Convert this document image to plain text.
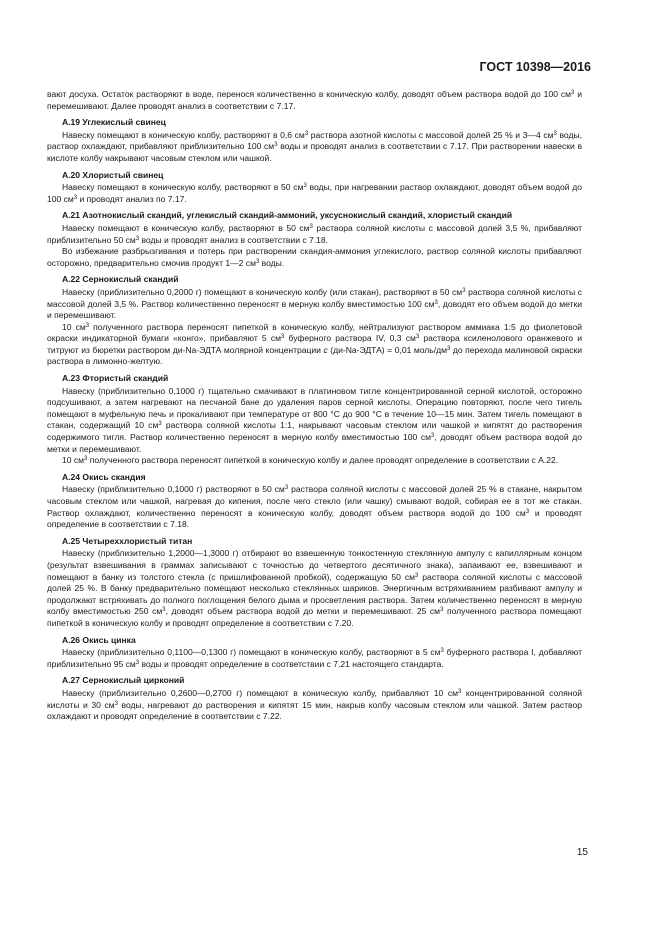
ГОСТ 10398—2016

вают досуха. Остаток растворяют в воде, перенося количественно в коническую колбу, доводят объем раствора водой до 100 $см^3$ и перемешивают. Далее проводят анализ в соответствии с 7.17.

А.19 Углекислый свинец

Навеску помещают в коническую колбу, растворяют в 0,6 $см^3$ раствора азотной кислоты с массовой долей 25 % и 3—4 $см^3$ воды, раствор охлаждают, прибавляют приблизительно 100 $см^3$ воды и проводят анализ в соответствии с 7.17. При растворении навески в кислоте колбу накрывают часовым стеклом или чашкой.

А.20 Хлористый свинец

Навеску помещают в коническую колбу, растворяют в 50 $см^3$ воды, при нагревании раствор охлаждают, доводят объем водой до 100 $см^3$ и проводят анализ по 7.17.

А.21 Азотнокислый скандий, углекислый скандий-аммоний, уксуснокислый скандий, хлористый скандий

Навеску помещают в коническую колбу, растворяют в 50 $см^3$ раствора соляной кислоты с массовой долей 3,5 %, прибавляют приблизительно 50 $см^3$ воды и проводят анализ в соответствии с 7.18.

Во избежание разбрызгивания и потерь при растворении скандия-аммония углекислого, раствор соляной кислоты прибавляют осторожно, предварительно смочив продукт 1—2 $см^3$ воды.

А.22 Сернокислый скандий

Навеску (приблизительно 0,2000 г) помещают в коническую колбу (или стакан), растворяют в 50 $см^3$ раствора соляной кислоты с массовой долей 3,5 %. Раствор количественно переносят в мерную колбу вместимостью 100 $см^3$, доводят его объем водой до метки и перемешивают.

10 $см^3$ полученного раствора переносят пипеткой в коническую колбу, нейтрализуют раствором аммиака 1:5 до фиолетовой окраски индикаторной бумаги «конго», прибавляют 5 $см^3$ буферного раствора IV, 0,3 $см^3$ раствора ксиленолового оранжевого и титруют из бюретки раствором ди-Na-ЭДТА молярной концентрации c (ди-Na-ЭДТА) = 0,01 моль/$дм^3$ до перехода малиновой окраски раствора в лимонно-желтую.

А.23 Фтористый скандий

Навеску (приблизительно 0,1000 г) тщательно смачивают в платиновом тигле концентрированной серной кислотой, осторожно подсушивают, а затем нагревают на песчаной бане до удаления паров серной кислоты. Операцию повторяют, после чего тигель помещают в муфельную печь и прокаливают при температуре от 800 °С до 900 °С в течение 10—15 мин. Затем тигель помещают в стакан, содержащий 10 $см^3$ раствора соляной кислоты 1:1, накрывают часовым стеклом или чашкой и кипятят до растворения содержимого тигля. Раствор количественно переносят в мерную колбу вместимостью 100 $см^3$, доводят объем раствора водой до метки и перемешивают.

10 $см^3$ полученного раствора переносят пипеткой в коническую колбу и далее проводят определение в соответствии с А.22.

А.24 Окись скандия

Навеску (приблизительно 0,1000 г) растворяют в 50 $см^3$ раствора соляной кислоты с массовой долей 25 % в стакане, накрытом часовым стеклом или чашкой, нагревая до кипения, после чего стекло (или чашку) смывают водой, собирая ее в тот же стакан. Раствор охлаждают, количественно переносят в коническую колбу, доводят объем раствора водой до 100 $см^3$ и проводят определение в соответствии с 7.18.

А.25 Четыреххлористый титан

Навеску (приблизительно 1,2000—1,3000 г) отбирают во взвешенную тонкостенную стеклянную ампулу с капиллярным концом (результат взвешивания в граммах записывают с точностью до четвертого десятичного знака), запаивают ее, взвешивают и помещают в банку из толстого стекла (с пришлифованной пробкой), содержащую 50 $см^3$ раствора соляной кислоты с массовой долей 25 %. В банку предварительно помещают несколько стеклянных шариков. Энергичным встряхиванием разбивают ампулу и продолжают встряхивать до полного поглощения белого дыма и просветления раствора. Затем количественно переносят в мерную колбу вместимостью 250 $см^3$, доводят объем раствора водой до метки и перемешивают. 25 $см^3$ полученного раствора помещают пипеткой в коническую колбу и проводят определение в соответствии с 7.20.

А.26 Окись цинка

Навеску (приблизительно 0,1100—0,1300 г) помещают в коническую колбу, растворяют в 5 $см^3$ буферного раствора I, добавляют приблизительно 95 $см^3$ воды и проводят определение в соответствии с 7.21 настоящего стандарта.

А.27 Сернокислый цирконий

Навеску (приблизительно 0,2600—0,2700 г) помещают в коническую колбу, прибавляют 10 $см^3$ концентрированной соляной кислоты и 30 $см^3$ воды, нагревают до растворения и кипятят 15 мин, накрыв колбу часовым стеклом или чашкой. Затем раствор охлаждают и проводят определение в соответствии с 7.22.

15
